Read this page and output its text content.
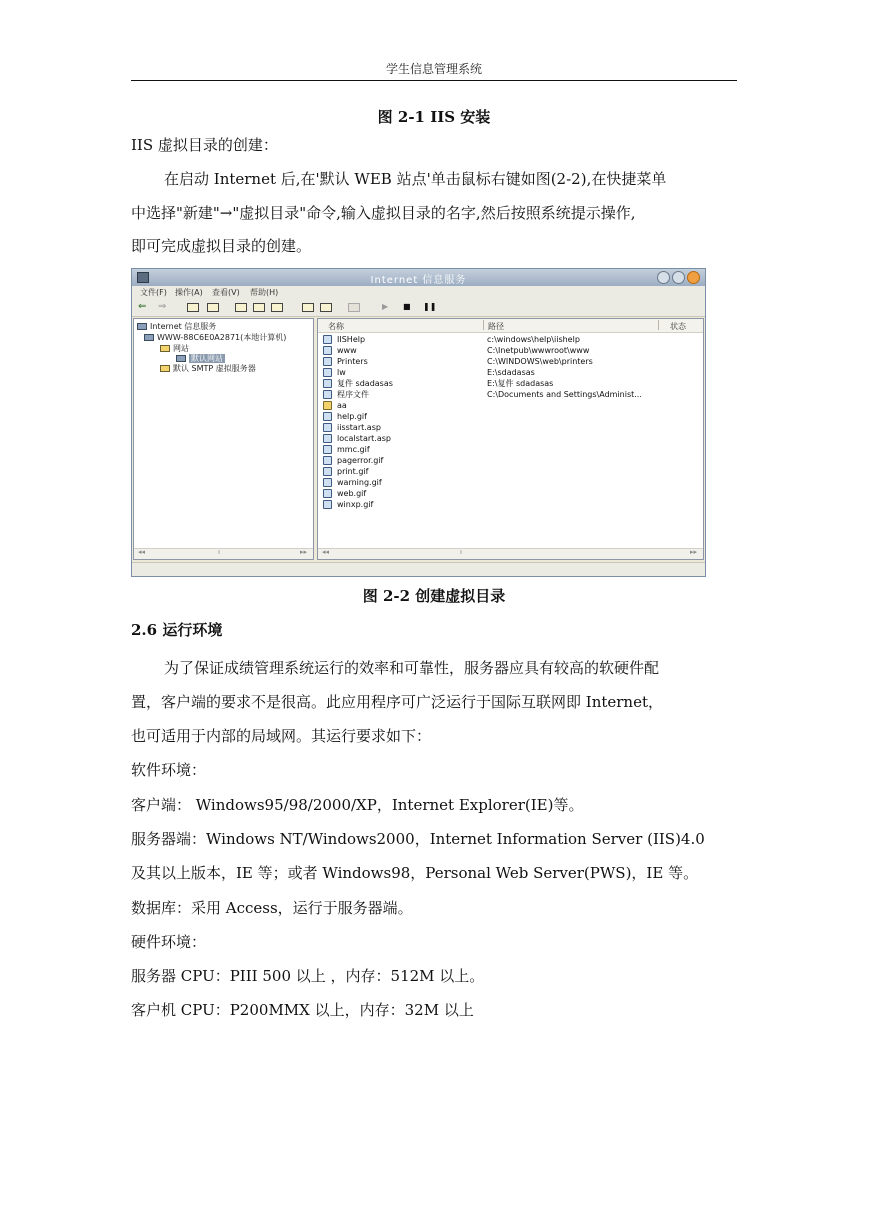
学生信息管理系统
图 2-1 IIS 安装
IIS 虚拟目录的创建：
在启动 Internet 后,在'默认 WEB 站点'单击鼠标右键如图(2-2),在快捷菜单
中选择"新建"→"虚拟目录"命令,输入虚拟目录的名字,然后按照系统提示操作,
即可完成虚拟目录的创建。
Internet 信息服务
文件(F) 操作(A) 查看(V) 帮助(H)
⇐ ⇒	▶ ■ ❚❚
Internet 信息服务
WWW-88C6E0A2871(本地计算机)
网站
默认网站
默认 SMTP 虚拟服务器
◂◂	ı	▸▸
名称	路径	状态
IISHelp	c:\windows\help\iishelp
www	C:\Inetpub\wwwroot\www
Printers	C:\WINDOWS\web\printers
lw	E:\sdadasas
复件 sdadasas	E:\复件 sdadasas
程序文件	C:\Documents and Settings\Administ...
aa
help.gif
iisstart.asp
localstart.asp
mmc.gif
pagerror.gif
print.gif
warning.gif
web.gif
winxp.gif
◂◂	ı	▸▸
图 2-2 创建虚拟目录
2.6 运行环境
为了保证成绩管理系统运行的效率和可靠性，服务器应具有较高的软硬件配
置，客户端的要求不是很高。此应用程序可广泛运行于国际互联网即 Internet，
也可适用于内部的局域网。其运行要求如下：
软件环境：
客户端： Windows95/98/2000/XP，Internet Explorer(IE)等。
服务器端：Windows NT/Windows2000，Internet Information Server (IIS)4.0
及其以上版本，IE 等；或者 Windows98，Personal Web Server(PWS)，IE 等。
数据库：采用 Access，运行于服务器端。
硬件环境：
服务器 CPU：PIII 500 以上 ，内存：512M 以上。
客户机 CPU：P200MMX 以上，内存：32M 以上
